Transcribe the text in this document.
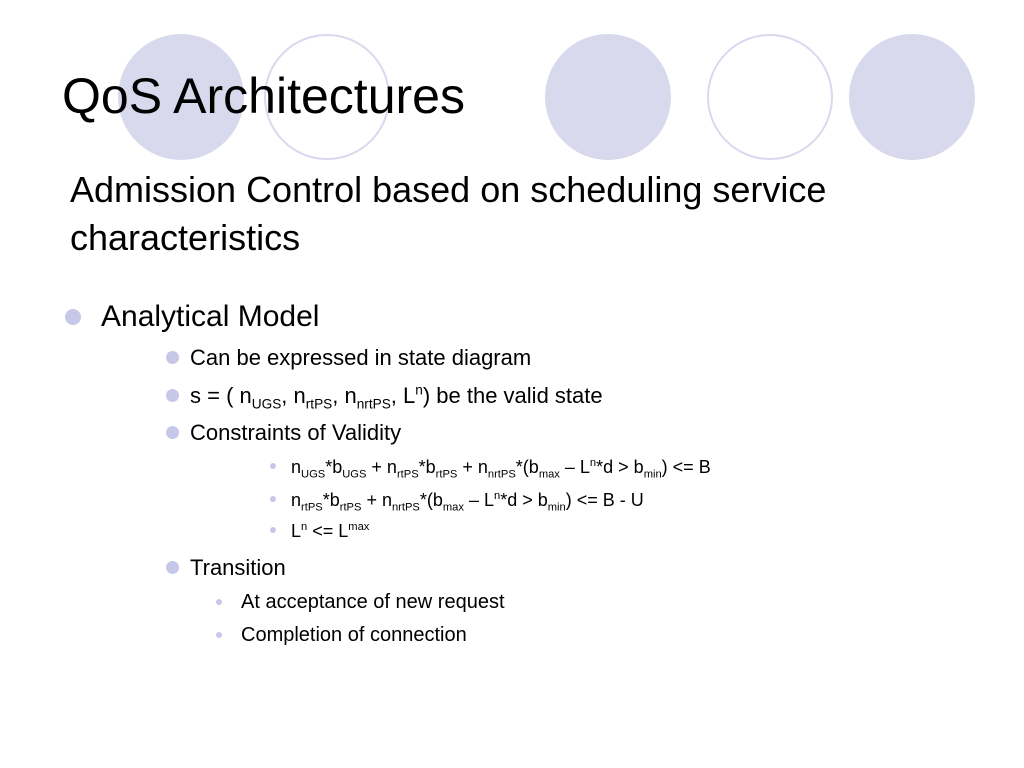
QoS Architectures
Admission Control based on scheduling service characteristics
Analytical Model
Can be expressed in state diagram
s = ( $n_{UGS}$, $n_{rtPS}$, $n_{nrtPS}$, $L^n$) be the valid state
Constraints of Validity
$n_{UGS}*b_{UGS} + n_{rtPS}*b_{rtPS} + n_{nrtPS}*(b_{max} - L^n*d > b_{min}) <= B$
$n_{rtPS}*b_{rtPS} + n_{nrtPS}*(b_{max} - L^n*d > b_{min}) <= B - U$
$L^n <= L^{max}$
Transition
At acceptance of new request
Completion of connection
